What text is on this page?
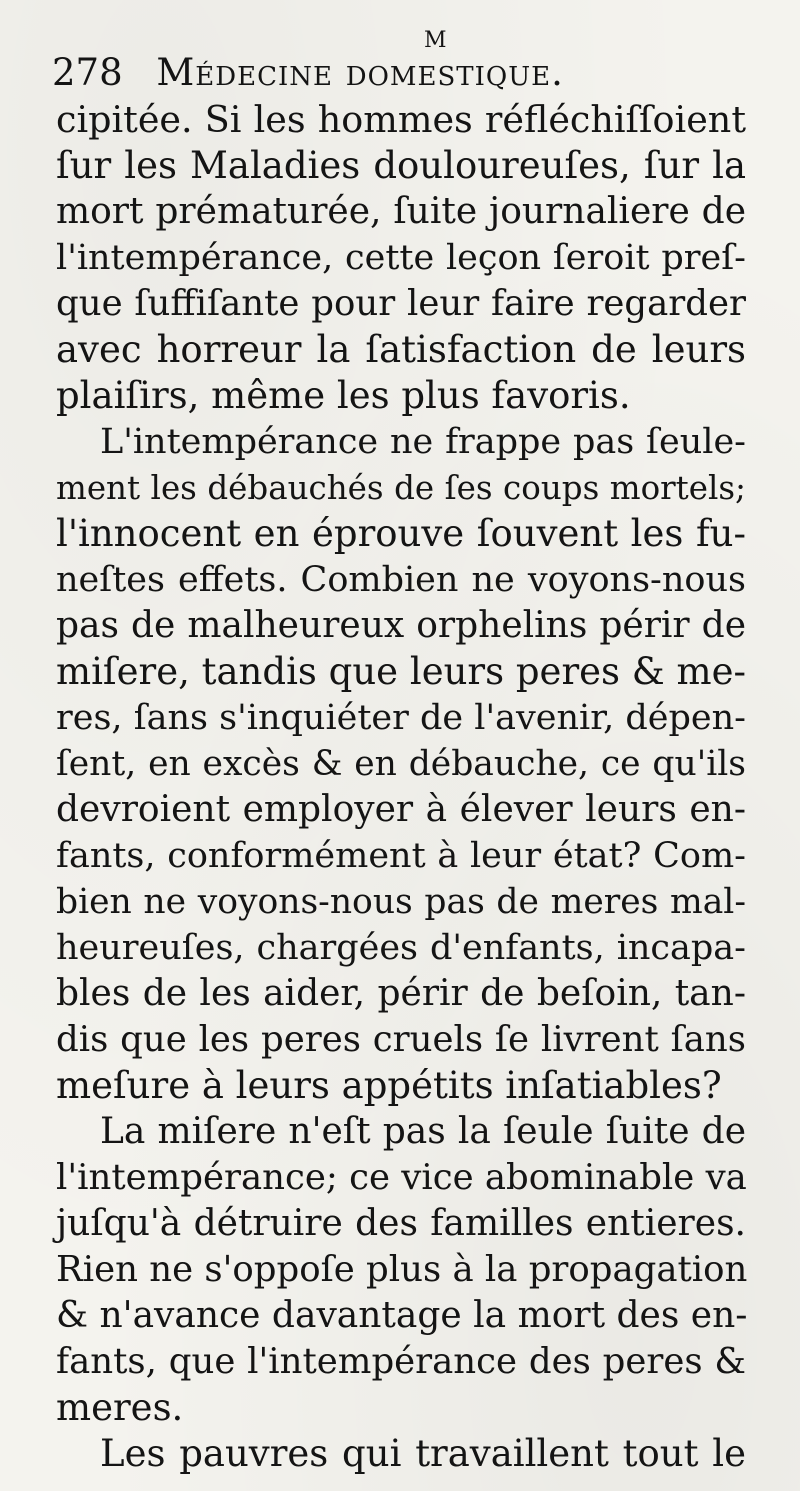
M
278 Médecine domestique.
cipitée. Si les hommes réfléchiſſoient
ſur les Maladies douloureuſes, ſur la
mort prématurée, ſuite journaliere de
l'intempérance, cette leçon ſeroit preſ-
que ſuffiſante pour leur faire regarder
avec horreur la ſatisfaction de leurs
plaiſirs, même les plus favoris.
L'intempérance ne frappe pas ſeule-
ment les débauchés de ſes coups mortels;
l'innocent en éprouve ſouvent les fu-
neſtes effets. Combien ne voyons-nous
pas de malheureux orphelins périr de
miſere, tandis que leurs peres & me-
res, ſans s'inquiéter de l'avenir, dépen-
ſent, en excès & en débauche, ce qu'ils
devroient employer à élever leurs en-
fants, conformément à leur état? Com-
bien ne voyons-nous pas de meres mal-
heureuſes, chargées d'enfants, incapa-
bles de les aider, périr de beſoin, tan-
dis que les peres cruels ſe livrent ſans
meſure à leurs appétits inſatiables?
La miſere n'eſt pas la ſeule ſuite de
l'intempérance; ce vice abominable va
juſqu'à détruire des familles entieres.
Rien ne s'oppoſe plus à la propagation
& n'avance davantage la mort des en-
fants, que l'intempérance des peres &
meres.
Les pauvres qui travaillent tout le
